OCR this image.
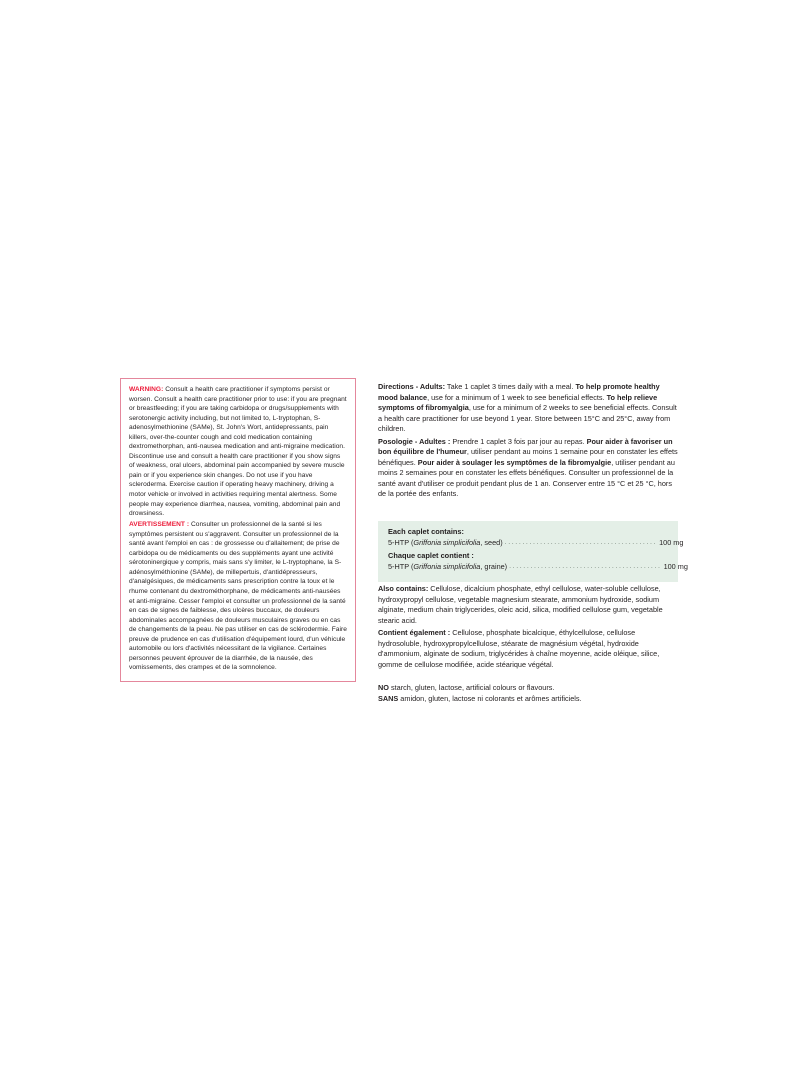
WARNING: Consult a health care practitioner if symptoms persist or worsen. Consult a health care practitioner prior to use: if you are pregnant or breastfeeding; if you are taking carbidopa or drugs/supplements with serotonergic activity including, but not limited to, L-tryptophan, S-adenosylmethionine (SAMe), St. John's Wort, antidepressants, pain killers, over-the-counter cough and cold medication containing dextromethorphan, anti-nausea medication and anti-migraine medication. Discontinue use and consult a health care practitioner if you show signs of weakness, oral ulcers, abdominal pain accompanied by severe muscle pain or if you experience skin changes. Do not use if you have scleroderma. Exercise caution if operating heavy machinery, driving a motor vehicle or involved in activities requiring mental alertness. Some people may experience diarrhea, nausea, vomiting, abdominal pain and drowsiness.

AVERTISSEMENT : Consulter un professionnel de la santé si les symptômes persistent ou s'aggravent. Consulter un professionnel de la santé avant l'emploi en cas : de grossesse ou d'allaitement; de prise de carbidopa ou de médicaments ou des suppléments ayant une activité sérotoninergique y compris, mais sans s'y limiter, le L-tryptophane, la S-adénosylméthionine (SAMe), de millepertuis, d'antidépresseurs, d'analgésiques, de médicaments sans prescription contre la toux et le rhume contenant du dextrométhorphane, de médicaments anti-nausées et anti-migraine. Cesser l'emploi et consulter un professionnel de la santé en cas de signes de faiblesse, des ulcères buccaux, de douleurs abdominales accompagnées de douleurs musculaires graves ou en cas de changements de la peau. Ne pas utiliser en cas de sclérodermie. Faire preuve de prudence en cas d'utilisation d'équipement lourd, d'un véhicule automobile ou lors d'activités nécessitant de la vigilance. Certaines personnes peuvent éprouver de la diarrhée, de la nausée, des vomissements, des crampes et de la somnolence.

Directions - Adults: Take 1 caplet 3 times daily with a meal. To help promote healthy mood balance, use for a minimum of 1 week to see beneficial effects. To help relieve symptoms of fibromyalgia, use for a minimum of 2 weeks to see beneficial effects. Consult a health care practitioner for use beyond 1 year. Store between 15°C and 25°C, away from children.

Posologie - Adultes : Prendre 1 caplet 3 fois par jour au repas. Pour aider à favoriser un bon équilibre de l'humeur, utiliser pendant au moins 1 semaine pour en constater les effets bénéfiques. Pour aider à soulager les symptômes de la fibromyalgie, utiliser pendant au moins 2 semaines pour en constater les effets bénéfiques. Consulter un professionnel de la santé avant d'utiliser ce produit pendant plus de 1 an. Conserver entre 15 °C et 25 °C, hors de la portée des enfants.

Each caplet contains:

5-HTP (Griffonia simplicifolia, seed) ........................................... 100 mg

Chaque caplet contient :

5-HTP (Griffonia simplicifolia, graine) ........................................... 100 mg

Also contains: Cellulose, dicalcium phosphate, ethyl cellulose, water-soluble cellulose, hydroxypropyl cellulose, vegetable magnesium stearate, ammonium hydroxide, sodium alginate, medium chain triglycerides, oleic acid, silica, modified cellulose gum, vegetable stearic acid.

Contient également : Cellulose, phosphate bicalcique, éthylcellulose, cellulose hydrosoluble, hydroxypropylcellulose, stéarate de magnésium végétal, hydroxide d'ammonium, alginate de sodium, triglycérides à chaîne moyenne, acide oléique, silice, gomme de cellulose modifiée, acide stéarique végétal.

NO starch, gluten, lactose, artificial colours or flavours.

SANS amidon, gluten, lactose ni colorants et arômes artificiels.
